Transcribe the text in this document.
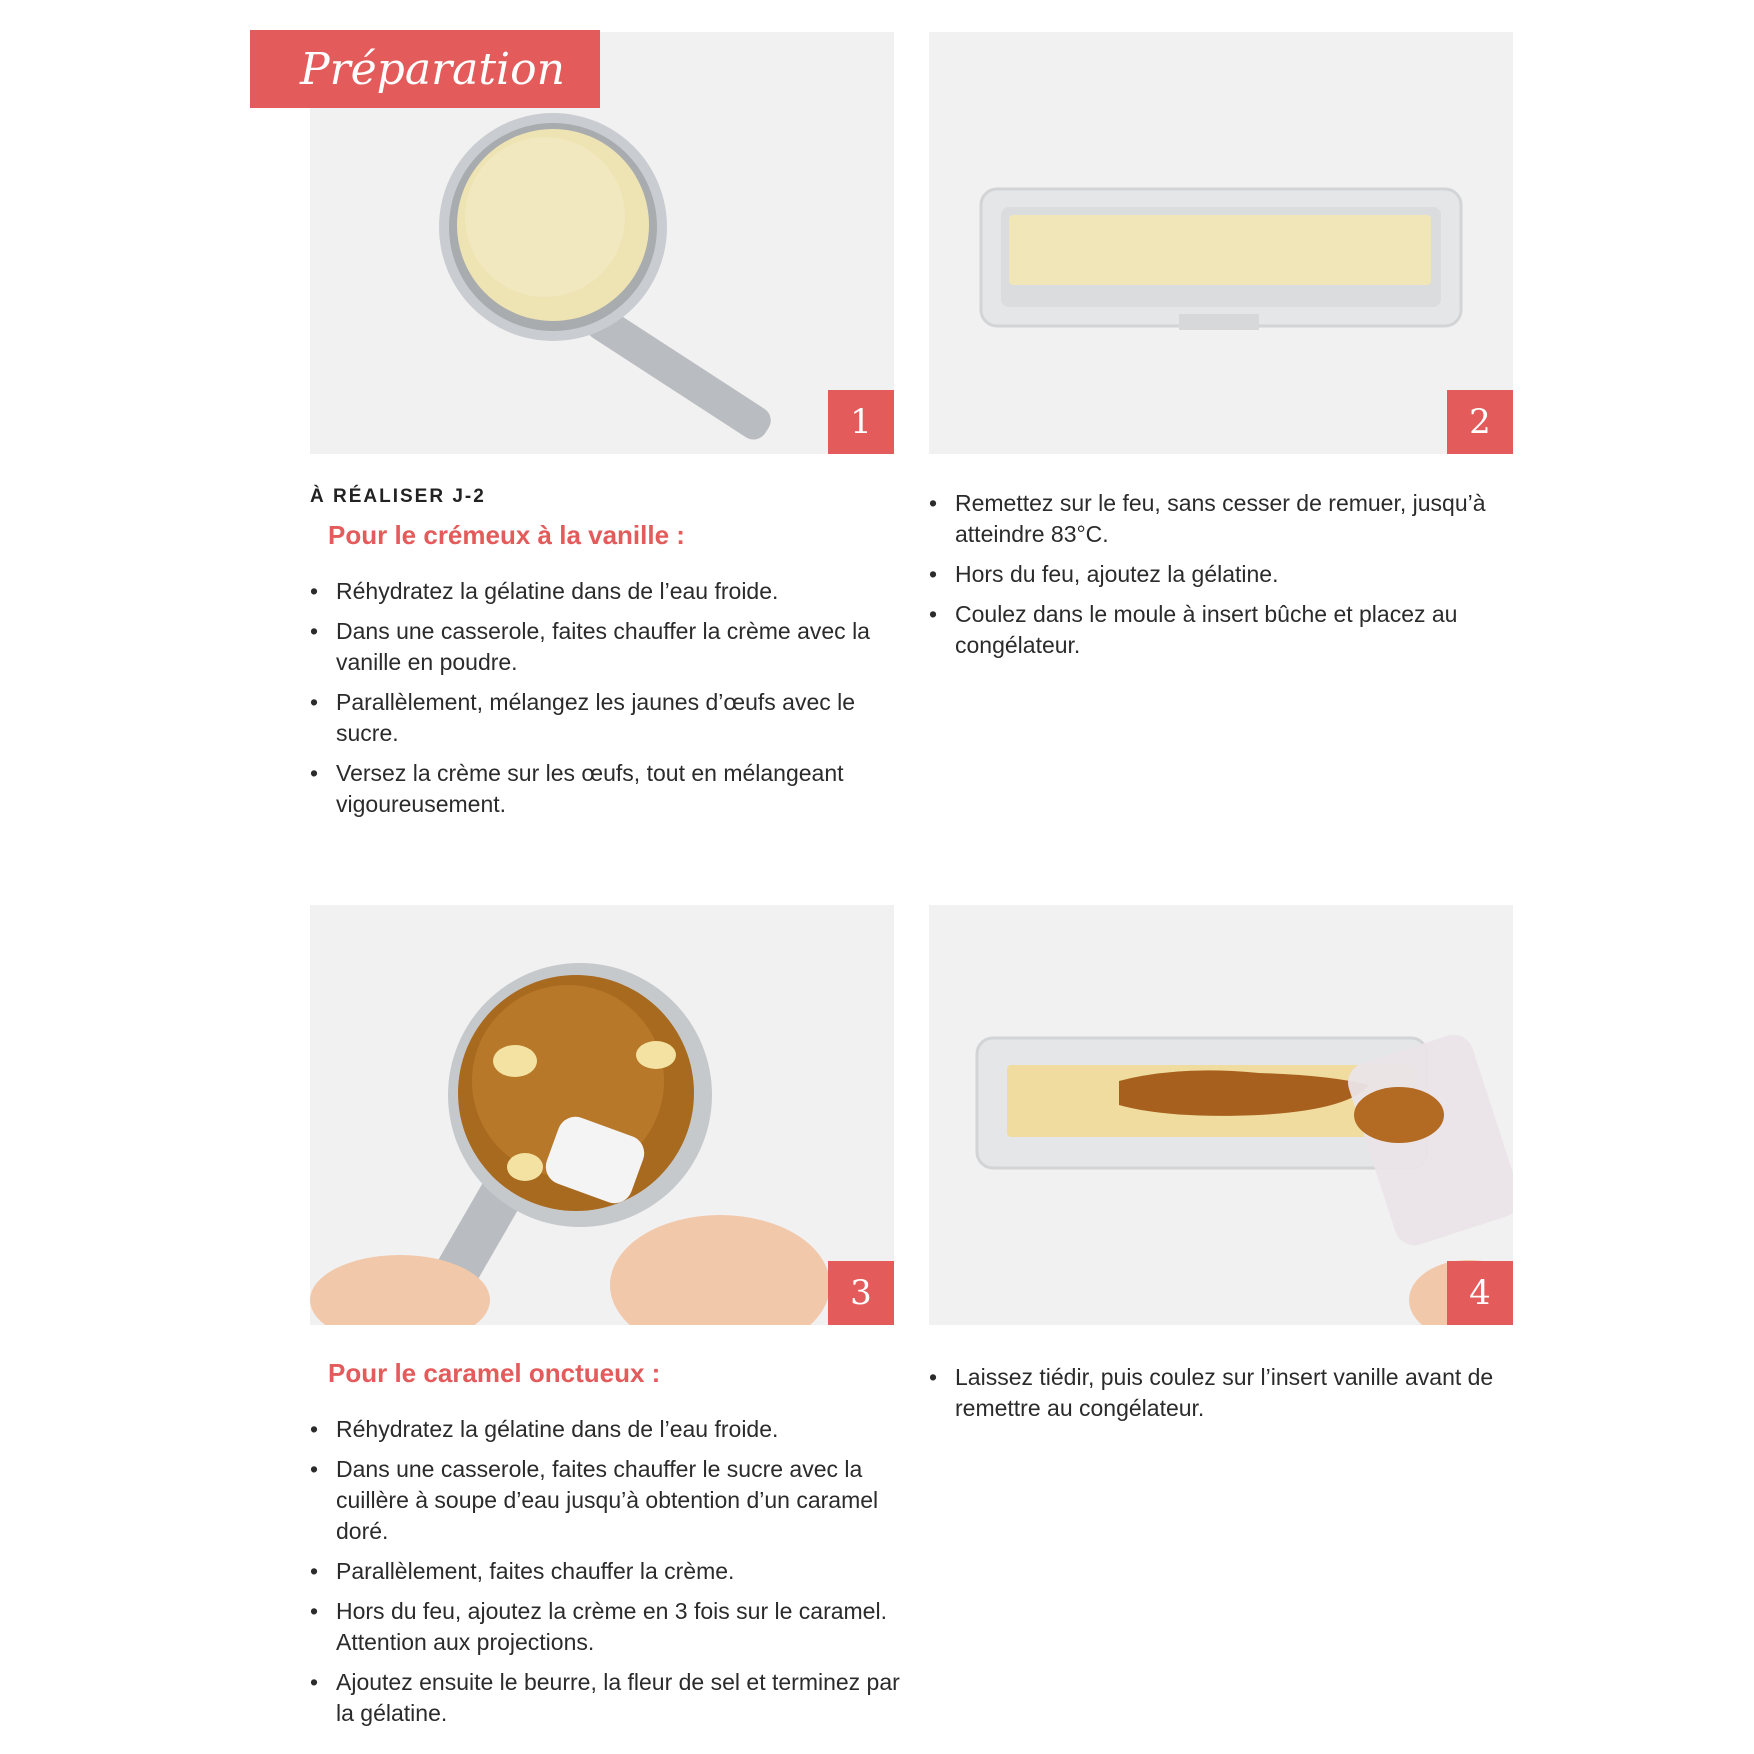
1
Préparation
2
À RÉALISER J-2
Pour le crémeux à la vanille :
• Réhydratez la gélatine dans de l’eau froide.
• Dans une casserole, faites chauffer la crème avec la vanille en poudre.
• Parallèlement, mélangez les jaunes d’œufs avec le sucre.
• Versez la crème sur les œufs, tout en mélangeant vigoureusement.
• Remettez sur le feu, sans cesser de remuer, jusqu’à atteindre 83°C.
• Hors du feu, ajoutez la gélatine.
• Coulez dans le moule à insert bûche et placez au congélateur.
3	4
Pour le caramel onctueux :
• Réhydratez la gélatine dans de l’eau froide.
• Dans une casserole, faites chauffer le sucre avec la cuillère à soupe d’eau jusqu’à obtention d’un caramel doré.
• Parallèlement, faites chauffer la crème.
• Hors du feu, ajoutez la crème en 3 fois sur le caramel. Attention aux projections.
• Ajoutez ensuite le beurre, la fleur de sel et terminez par la gélatine.
• Laissez tiédir, puis coulez sur l’insert vanille avant de remettre au congélateur.
